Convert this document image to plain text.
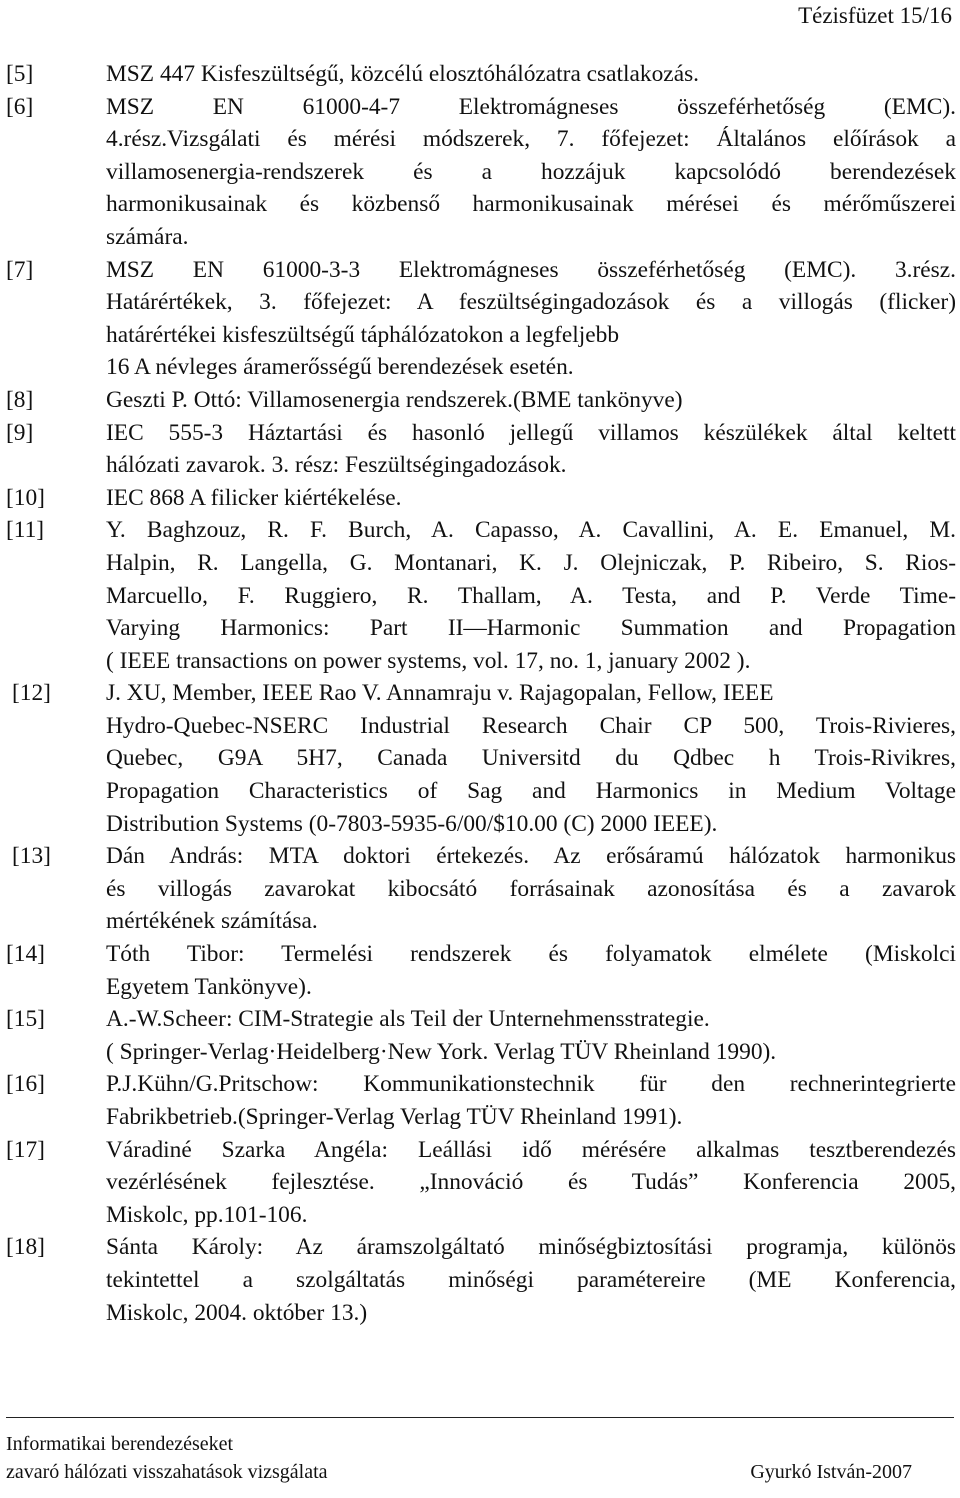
Tézisfüzet 15/16
[5]	MSZ 447 Kisfeszültségű, közcélú elosztóhálózatra csatlakozás.
[6]	MSZ EN 61000-4-7 Elektromágneses összeférhetőség (EMC).
4.rész.Vizsgálati és mérési módszerek, 7. főfejezet: Általános előírások a
villamosenergia-rendszerek és a hozzájuk kapcsolódó berendezések
harmonikusainak és közbenső harmonikusainak mérései és mérőműszerei
számára.
[7]	MSZ EN 61000-3-3 Elektromágneses összeférhetőség (EMC). 3.rész.
Határértékek, 3. főfejezet: A feszültségingadozások és a villogás (flicker)
határértékei kisfeszültségű táphálózatokon a legfeljebb
16 A névleges áramerősségű berendezések esetén.
[8]	Geszti P. Ottó: Villamosenergia rendszerek.(BME tankönyve)
[9]	IEC 555-3 Háztartási és hasonló jellegű villamos készülékek által keltett
hálózati zavarok. 3. rész: Feszültségingadozások.
[10]	IEC 868 A filicker kiértékelése.
[11]	Y. Baghzouz, R. F. Burch, A. Capasso, A. Cavallini, A. E. Emanuel, M.
Halpin, R. Langella, G. Montanari, K. J. Olejniczak, P. Ribeiro, S. Rios-
Marcuello, F. Ruggiero, R. Thallam, A. Testa, and P. Verde Time-
Varying Harmonics: Part II—Harmonic Summation and Propagation
( IEEE transactions on power systems, vol. 17, no. 1, january 2002 ).
[12]	J. XU, Member, IEEE Rao V. Annamraju v. Rajagopalan, Fellow, IEEE
Hydro-Quebec-NSERC Industrial Research Chair CP 500, Trois-Rivieres,
Quebec, G9A 5H7, Canada Universitd du Qdbec h Trois-Rivikres,
Propagation Characteristics of Sag and Harmonics in Medium Voltage
Distribution Systems (0-7803-5935-6/00/$10.00 (C) 2000 IEEE).
[13]	Dán András: MTA doktori értekezés. Az erősáramú hálózatok harmonikus
és villogás zavarokat kibocsátó forrásainak azonosítása és a zavarok
mértékének számítása.
[14]	Tóth Tibor: Termelési rendszerek és folyamatok elmélete (Miskolci
Egyetem Tankönyve).
[15]	A.-W.Scheer: CIM-Strategie als Teil der Unternehmensstrategie.
( Springer-Verlag·Heidelberg·New York. Verlag TÜV Rheinland 1990).
[16]	P.J.Kühn/G.Pritschow: Kommunikationstechnik für den rechnerintegrierte
Fabrikbetrieb.(Springer-Verlag Verlag TÜV Rheinland 1991).
[17]	Váradiné Szarka Angéla: Leállási idő mérésére alkalmas tesztberendezés
vezérlésének fejlesztése. „Innováció és Tudás” Konferencia 2005,
Miskolc, pp.101-106.
[18]	Sánta Károly: Az áramszolgáltató minőségbiztosítási programja, különös
tekintettel a szolgáltatás minőségi paramétereire (ME Konferencia,
Miskolc, 2004. október 13.)
Informatikai berendezéseket
zavaró hálózati visszahatások vizsgálata	Gyurkó István-2007
